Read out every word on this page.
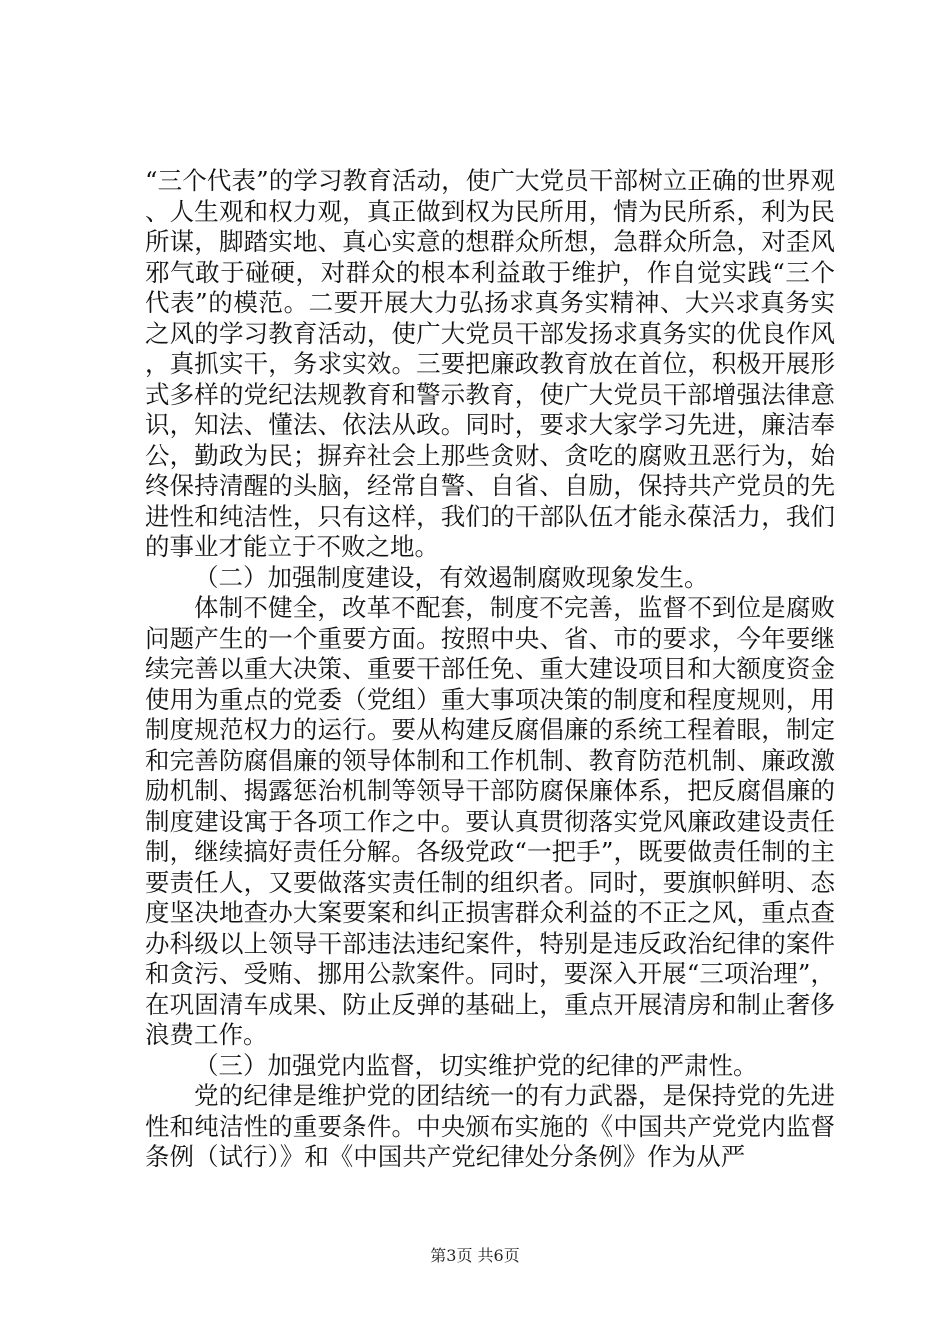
“三个代表”的学习教育活动，使广大党员干部树立正确的世界观、人生观和权力观，真正做到权为民所用，情为民所系，利为民所谋，脚踏实地、真心实意的想群众所想，急群众所急，对歪风邪气敢于碰硬，对群众的根本利益敢于维护，作自觉实践“三个代表”的模范。二要开展大力弘扬求真务实精神、大兴求真务实之风的学习教育活动，使广大党员干部发扬求真务实的优良作风，真抓实干，务求实效。三要把廉政教育放在首位，积极开展形式多样的党纪法规教育和警示教育，使广大党员干部增强法律意识，知法、懂法、依法从政。同时，要求大家学习先进，廉洁奉公，勤政为民；摒弃社会上那些贪财、贪吃的腐败丑恶行为，始终保持清醒的头脑，经常自警、自省、自励，保持共产党员的先进性和纯洁性，只有这样，我们的干部队伍才能永葆活力，我们的事业才能立于不败之地。

（二）加强制度建设，有效遏制腐败现象发生。

体制不健全，改革不配套，制度不完善，监督不到位是腐败问题产生的一个重要方面。按照中央、省、市的要求，今年要继续完善以重大决策、重要干部任免、重大建设项目和大额度资金使用为重点的党委（党组）重大事项决策的制度和程度规则，用制度规范权力的运行。要从构建反腐倡廉的系统工程着眼，制定和完善防腐倡廉的领导体制和工作机制、教育防范机制、廉政激励机制、揭露惩治机制等领导干部防腐保廉体系，把反腐倡廉的制度建设寓于各项工作之中。要认真贯彻落实党风廉政建设责任制，继续搞好责任分解。各级党政“一把手”，既要做责任制的主要责任人，又要做落实责任制的组织者。同时，要旗帜鲜明、态度坚决地查办大案要案和纠正损害群众利益的不正之风，重点查办科级以上领导干部违法违纪案件，特别是违反政治纪律的案件和贪污、受贿、挪用公款案件。同时，要深入开展“三项治理”，在巩固清车成果、防止反弹的基础上，重点开展清房和制止奢侈浪费工作。

（三）加强党内监督，切实维护党的纪律的严肃性。

党的纪律是维护党的团结统一的有力武器，是保持党的先进性和纯洁性的重要条件。中央颁布实施的《中国共产党党内监督条例（试行）》和《中国共产党纪律处分条例》作为从严

第3页 共6页
